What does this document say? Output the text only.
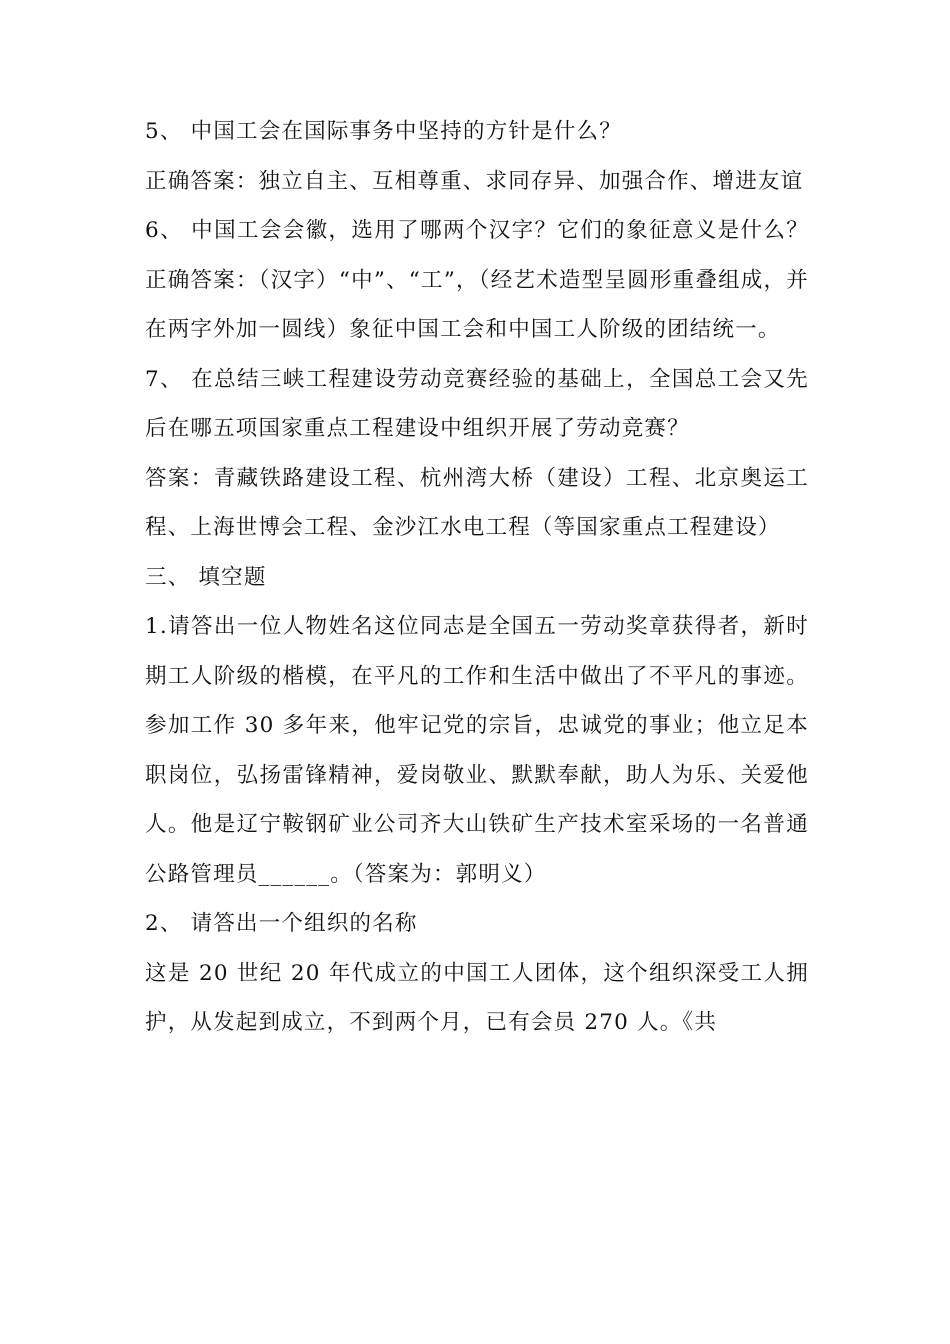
5、 中国工会在国际事务中坚持的方针是什么？

正确答案：独立自主、互相尊重、求同存异、加强合作、增进友谊

6、 中国工会会徽，选用了哪两个汉字？它们的象征意义是什么？ 正确答案：（汉字）“中”、“工”，（经艺术造型呈圆形重叠组成，并在两字外加一圆线）象征中国工会和中国工人阶级的团结统一。

7、 在总结三峡工程建设劳动竞赛经验的基础上，全国总工会又先后在哪五项国家重点工程建设中组织开展了劳动竞赛？

答案：青藏铁路建设工程、杭州湾大桥（建设）工程、北京奥运工程、上海世博会工程、金沙江水电工程（等国家重点工程建设）

三、 填空题

1.请答出一位人物姓名这位同志是全国五一劳动奖章获得者，新时期工人阶级的楷模，在平凡的工作和生活中做出了不平凡的事迹。参加工作 30 多年来，他牢记党的宗旨，忠诚党的事业；他立足本职岗位，弘扬雷锋精神，爱岗敬业、默默奉献，助人为乐、关爱他人。他是辽宁鞍钢矿业公司齐大山铁矿生产技术室采场的一名普通公路管理员______。（答案为：郭明义）

2、 请答出一个组织的名称

这是 20 世纪 20 年代成立的中国工人团体，这个组织深受工人拥护，从发起到成立，不到两个月，已有会员 270 人。《共
